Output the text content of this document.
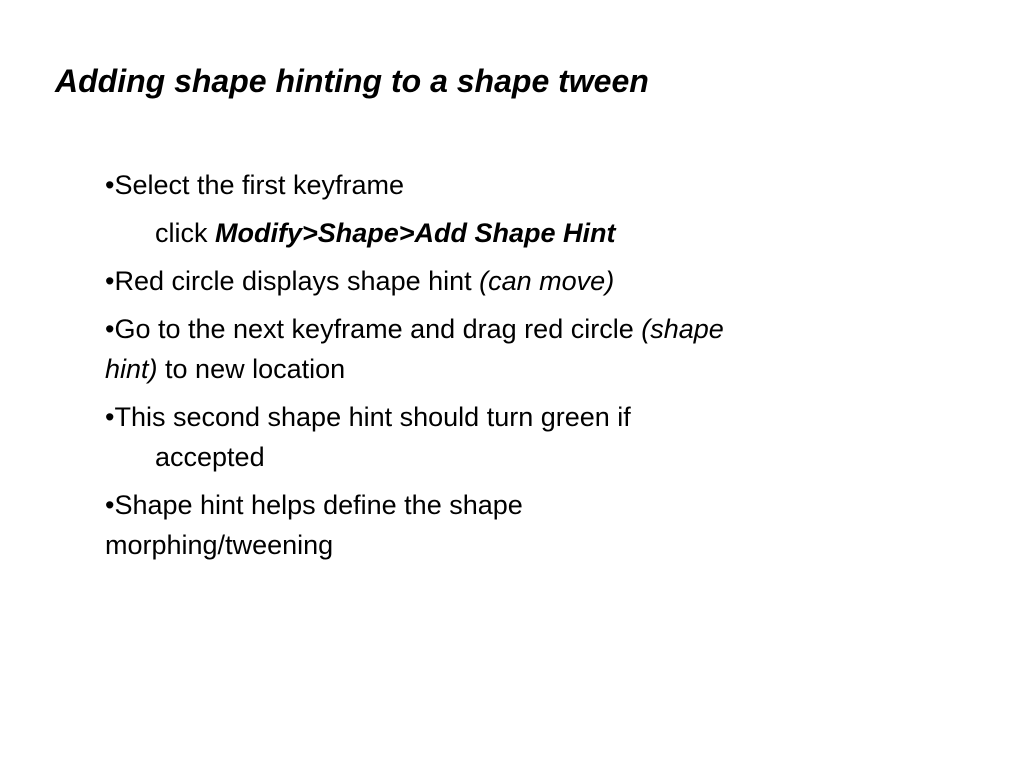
Adding shape hinting to a shape tween
•Select the first keyframe
click Modify>Shape>Add Shape Hint
•Red circle displays shape hint (can move)
•Go to the next keyframe and drag red circle (shape
hint) to new location
•This second shape hint should turn green if
accepted
•Shape hint helps define the shape
morphing/tweening
